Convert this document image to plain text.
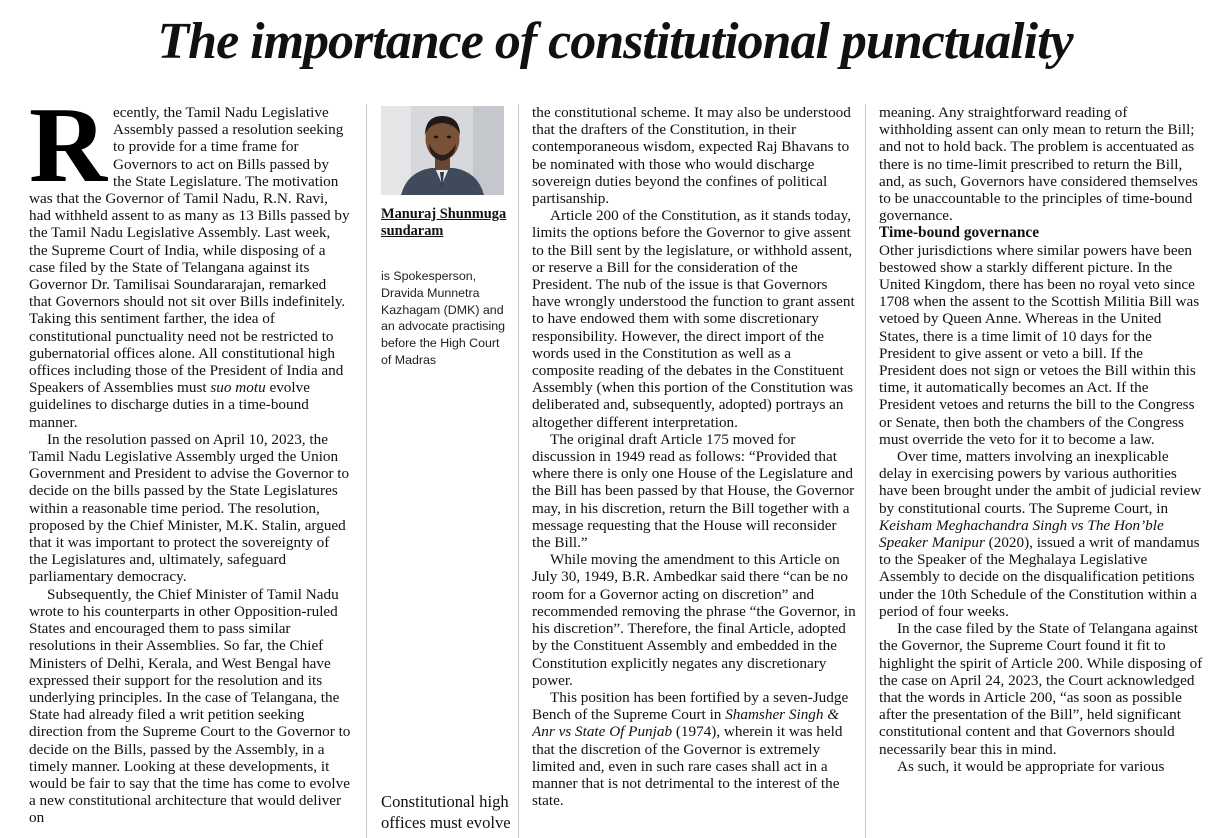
The importance of constitutional punctuality

Recently, the Tamil Nadu Legislative Assembly passed a resolution seeking to provide for a time frame for Governors to act on Bills passed by the State Legislature. The motivation was that the Governor of Tamil Nadu, R.N. Ravi, had withheld assent to as many as 13 Bills passed by the Tamil Nadu Legislative Assembly. Last week, the Supreme Court of India, while disposing of a case filed by the State of Telangana against its Governor Dr. Tamilisai Soundararajan, remarked that Governors should not sit over Bills indefinitely. Taking this sentiment farther, the idea of constitutional punctuality need not be restricted to gubernatorial offices alone. All constitutional high offices including those of the President of India and Speakers of Assemblies must suo motu evolve guidelines to discharge duties in a time-bound manner.

In the resolution passed on April 10, 2023, the Tamil Nadu Legislative Assembly urged the Union Government and President to advise the Governor to decide on the bills passed by the State Legislatures within a reasonable time period. The resolution, proposed by the Chief Minister, M.K. Stalin, argued that it was important to protect the sovereignty of the Legislatures and, ultimately, safeguard parliamentary democracy.

Subsequently, the Chief Minister of Tamil Nadu wrote to his counterparts in other Opposition-ruled States and encouraged them to pass similar resolutions in their Assemblies. So far, the Chief Ministers of Delhi, Kerala, and West Bengal have expressed their support for the resolution and its underlying principles. In the case of Telangana, the State had already filed a writ petition seeking direction from the Supreme Court to the Governor to decide on the Bills, passed by the Assembly, in a timely manner. Looking at these developments, it would be fair to say that the time has come to evolve a new constitutional architecture that would deliver on

Manuraj Shunmuga sundaram
is Spokesperson, Dravida Munnetra Kazhagam (DMK) and an advocate practising before the High Court of Madras
Constitutional high offices must evolve

the constitutional scheme. It may also be understood that the drafters of the Constitution, in their contemporaneous wisdom, expected Raj Bhavans to be nominated with those who would discharge sovereign duties beyond the confines of political partisanship.

Article 200 of the Constitution, as it stands today, limits the options before the Governor to give assent to the Bill sent by the legislature, or withhold assent, or reserve a Bill for the consideration of the President. The nub of the issue is that Governors have wrongly understood the function to grant assent to have endowed them with some discretionary responsibility. However, the direct import of the words used in the Constitution as well as a composite reading of the debates in the Constituent Assembly (when this portion of the Constitution was deliberated and, subsequently, adopted) portrays an altogether different interpretation.

The original draft Article 175 moved for discussion in 1949 read as follows: “Provided that where there is only one House of the Legislature and the Bill has been passed by that House, the Governor may, in his discretion, return the Bill together with a message requesting that the House will reconsider the Bill.”

While moving the amendment to this Article on July 30, 1949, B.R. Ambedkar said there “can be no room for a Governor acting on discretion” and recommended removing the phrase “the Governor, in his discretion”. Therefore, the final Article, adopted by the Constituent Assembly and embedded in the Constitution explicitly negates any discretionary power.

This position has been fortified by a seven-Judge Bench of the Supreme Court in Shamsher Singh & Anr vs State Of Punjab (1974), wherein it was held that the discretion of the Governor is extremely limited and, even in such rare cases shall act in a manner that is not detrimental to the interest of the state.

meaning. Any straightforward reading of withholding assent can only mean to return the Bill; and not to hold back. The problem is accentuated as there is no time-limit prescribed to return the Bill, and, as such, Governors have considered themselves to be unaccountable to the principles of time-bound governance.

Time-bound governance

Other jurisdictions where similar powers have been bestowed show a starkly different picture. In the United Kingdom, there has been no royal veto since 1708 when the assent to the Scottish Militia Bill was vetoed by Queen Anne. Whereas in the United States, there is a time limit of 10 days for the President to give assent or veto a bill. If the President does not sign or vetoes the Bill within this time, it automatically becomes an Act. If the President vetoes and returns the bill to the Congress or Senate, then both the chambers of the Congress must override the veto for it to become a law.

Over time, matters involving an inexplicable delay in exercising powers by various authorities have been brought under the ambit of judicial review by constitutional courts. The Supreme Court, in Keisham Meghachandra Singh vs The Hon’ble Speaker Manipur (2020), issued a writ of mandamus to the Speaker of the Meghalaya Legislative Assembly to decide on the disqualification petitions under the 10th Schedule of the Constitution within a period of four weeks.

In the case filed by the State of Telangana against the Governor, the Supreme Court found it fit to highlight the spirit of Article 200. While disposing of the case on April 24, 2023, the Court acknowledged that the words in Article 200, “as soon as possible after the presentation of the Bill”, held significant constitutional content and that Governors should necessarily bear this in mind.

As such, it would be appropriate for various
